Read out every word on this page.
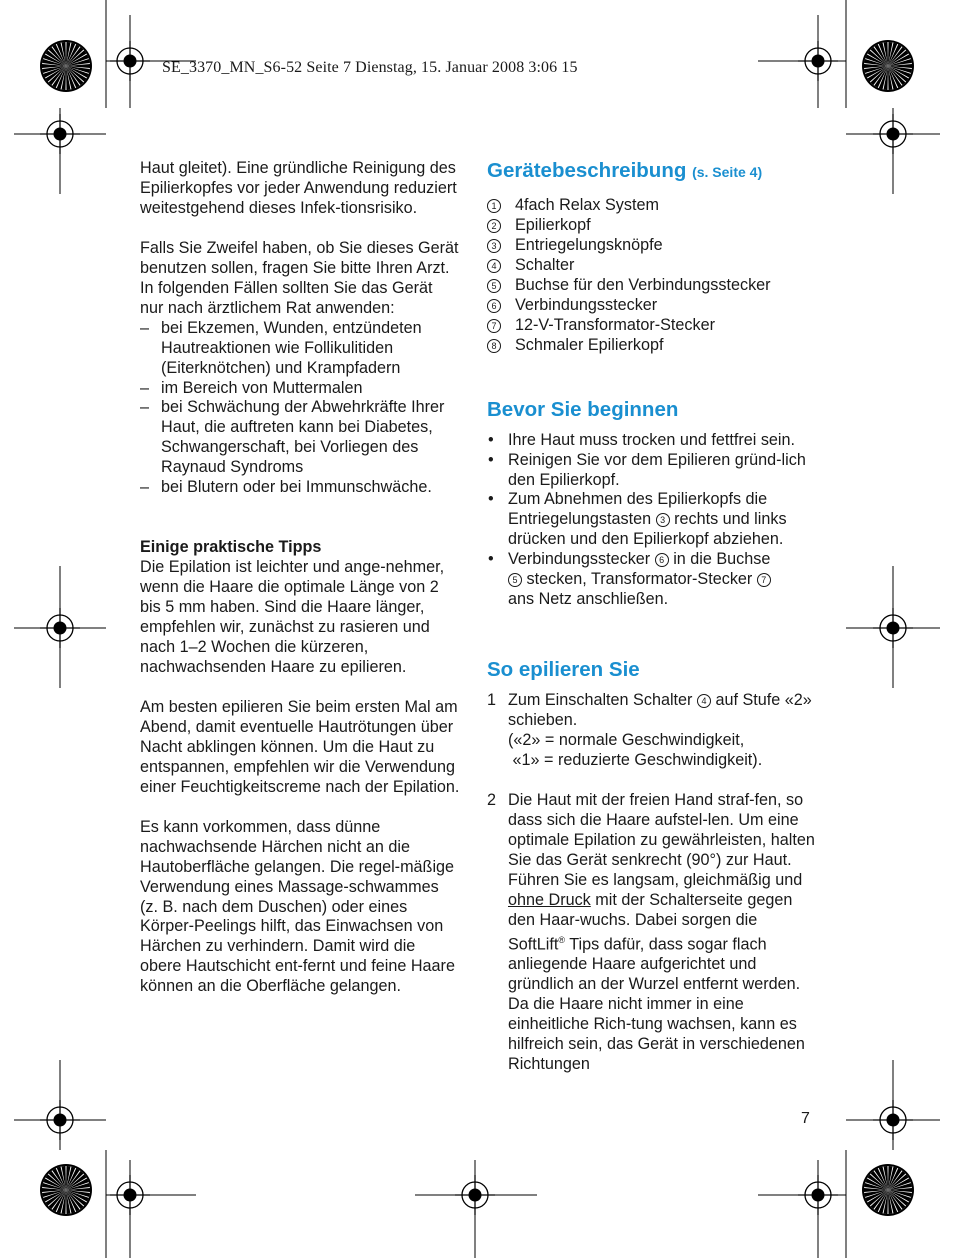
SE_3370_MN_S6-52 Seite 7 Dienstag, 15. Januar 2008 3:06 15

Haut gleitet). Eine gründliche Reinigung des Epilierkopfes vor jeder Anwendung reduziert weitestgehend dieses Infek-tionsrisiko.

Falls Sie Zweifel haben, ob Sie dieses Gerät benutzen sollen, fragen Sie bitte Ihren Arzt. In folgenden Fällen sollten Sie das Gerät nur nach ärztlichem Rat anwenden:

– bei Ekzemen, Wunden, entzündeten Hautreaktionen wie Follikulitiden (Eiterknötchen) und Krampfadern
– im Bereich von Muttermalen
– bei Schwächung der Abwehrkräfte Ihrer Haut, die auftreten kann bei Diabetes, Schwangerschaft, bei Vorliegen des Raynaud Syndroms
– bei Blutern oder bei Immunschwäche.

Einige praktische Tipps

Die Epilation ist leichter und ange-nehmer, wenn die Haare die optimale Länge von 2 bis 5 mm haben. Sind die Haare länger, empfehlen wir, zunächst zu rasieren und nach 1–2 Wochen die kürzeren, nachwachsenden Haare zu epilieren.

Am besten epilieren Sie beim ersten Mal am Abend, damit eventuelle Hautrötungen über Nacht abklingen können. Um die Haut zu entspannen, empfehlen wir die Verwendung einer Feuchtigkeitscreme nach der Epilation.

Es kann vorkommen, dass dünne nachwachsende Härchen nicht an die Hautoberfläche gelangen. Die regel-mäßige Verwendung eines Massage-schwammes (z. B. nach dem Duschen) oder eines Körper-Peelings hilft, das Einwachsen von Härchen zu verhindern. Damit wird die obere Hautschicht ent-fernt und feine Haare können an die Oberfläche gelangen.

Gerätebeschreibung (s. Seite 4)
1 4fach Relax System
2 Epilierkopf
3 Entriegelungsknöpfe
4 Schalter
5 Buchse für den Verbindungsstecker
6 Verbindungsstecker
7 12-V-Transformator-Stecker
8 Schmaler Epilierkopf
Bevor Sie beginnen
• Ihre Haut muss trocken und fettfrei sein.
• Reinigen Sie vor dem Epilieren gründ-lich den Epilierkopf.
• Zum Abnehmen des Epilierkopfs die Entriegelungstasten 3 rechts und links drücken und den Epilierkopf abziehen.
• Verbindungsstecker 6 in die Buchse
5 stecken, Transformator-Stecker 7
ans Netz anschließen.
So epilieren Sie
1 Zum Einschalten Schalter 4 auf Stufe «2» schieben.
(«2» = normale Geschwindigkeit,
«1» = reduzierte Geschwindigkeit).
2 Die Haut mit der freien Hand straf-fen, so dass sich die Haare aufstel-len. Um eine optimale Epilation zu gewährleisten, halten Sie das Gerät senkrecht (90°) zur Haut. Führen Sie es langsam, gleichmäßig und ohne Druck mit der Schalterseite gegen den Haar-wuchs. Dabei sorgen die SoftLift® Tips dafür, dass sogar flach anliegende Haare aufgerichtet und gründlich an der Wurzel entfernt werden. Da die Haare nicht immer in eine einheitliche Rich-tung wachsen, kann es hilfreich sein, das Gerät in verschiedenen Richtungen
7
